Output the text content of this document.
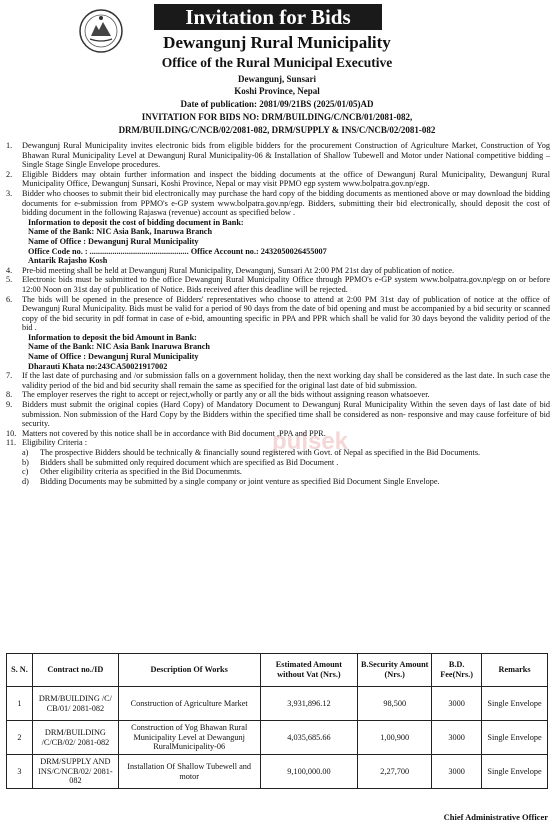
Invitation for Bids
Dewangunj Rural Municipality
Office of the Rural Municipal Executive
Dewangunj, Sunsari
Koshi Province, Nepal
Date of publication: 2081/09/21BS (2025/01/05)AD
INVITATION FOR BIDS NO: DRM/BUILDING/C/NCB/01/2081-082,
DRM/BUILDING/C/NCB/02/2081-082, DRM/SUPPLY & INS/C/NCB/02/2081-082
pulsek
1.	Dewangunj Rural Municipality invites electronic bids from eligible bidders for the procurement Construction of Agriculture Market, Construction of Yog Bhawan Rural Municipality Level at Dewangunj Rural Municipality-06 & Installation of Shallow Tubewell and Motor under National competitive bidding – Single Stage Single Envelope procedures.
2.	Eligible Bidders may obtain further information and inspect the bidding documents at the office of Dewangunj Rural Municipality, Dewangunj Rural Municipality Office, Dewangunj Sunsari, Koshi Province, Nepal or may visit PPMO egp system www.bolpatra.gov.np/egp.
3.	Bidder who chooses to submit their bid electronically may purchase the hard copy of the bidding documents as mentioned above or may download the bidding documents for e-submission from PPMO's e-GP system www.bolpatra.gov.np/egp. Bidders, submitting their bid electronically, should deposit the cost of bidding document in the following Rajaswa (revenue) account as specified below .
Information to deposit the cost of bidding document in Bank:
Name of the Bank: NIC Asia Bank, Inaruwa Branch
Name of Office : Dewangunj Rural Municipality
Office Code no. : ................................................ Office Account no.: 2432050026455007
Antarik Rajasho Kosh
4.	Pre-bid meeting shall be held at Dewangunj Rural Municipality, Dewangunj, Sunsari At 2:00 PM 21st day of publication of notice.
5.	Electronic bids must be submitted to the office Dewangunj Rural Municipality Office through PPMO's e-GP system www.bolpatra.gov.np/egp on or before 12:00 Noon on 31st day of publication of Notice. Bids received after this deadline will be rejected.
6.	The bids will be opened in the presence of Bidders' representatives who choose to attend at 2:00 PM 31st day of publication of notice at the office of Dewangunj Rural Municipality. Bids must be valid for a period of 90 days from the date of bid opening and must be accompanied by a bid security or scanned copy of the bid security in pdf format in case of e-bid, amounting specific in PPA and PPR which shall be valid for 30 days beyond the validity period of the bid .
Information to deposit the bid Amount in Bank:
Name of the Bank: NIC Asia Bank Inaruwa Branch
Name of Office : Dewangunj Rural Municipality
Dharauti Khata no:243CA50021917002
7.	If the last date of purchasing and /or submission falls on a government holiday, then the next working day shall be considered as the last date. In such case the validity period of the bid and bid security shall remain the same as specified for the original last date of bid submission.
8.	The employer reserves the right to accept or reject,wholly or partly any or all the bids without assigning reason whatsoever.
9.	Bidders must submit the original copies (Hard Copy) of Mandatory Document to Dewangunj Rural Municipality Within the seven days of last date of bid submission. Non submission of the Hard Copy by the Bidders within the specified time shall be considered as non- responsive and may cause forfeiture of bid security.
10. Matters not covered by this notice shall be in accordance with Bid document ,PPA and PPR.
11. Eligibility Criteria :
a)	The prospective Bidders should be technically & financially sound registered with Govt. of Nepal as specified in the Bid Documents.
b)	Bidders shall be submitted only required document which are specified as Bid Document .
c)	Other eligibility criteria as specified in the Bid Documenmts.
d)	Bidding Documents may be submitted by a single company or joint venture as specified Bid Document Single Envelope.
S. N.	Contract no./ID	Description Of Works	Estimated Amount without Vat (Nrs.)	B.Security Amount (Nrs.)	B.D. Fee(Nrs.)	Remarks
1	DRM/BUILDING /C/ CB/01/ 2081-082	Construction of Agriculture Market	3,931,896.12	98,500	3000	Single Envelope
2	DRM/BUILDING /C/CB/02/ 2081-082	Construction of Yog Bhawan Rural Municipality Level at Dewangunj RuralMunicipality-06	4,035,685.66	1,00,900	3000	Single Envelope
3	DRM/SUPPLY AND INS/C/NCB/02/ 2081-082	Installation Of Shallow Tubewell and motor	9,100,000.00	2,27,700	3000	Single Envelope
Chief Administrative Officer
